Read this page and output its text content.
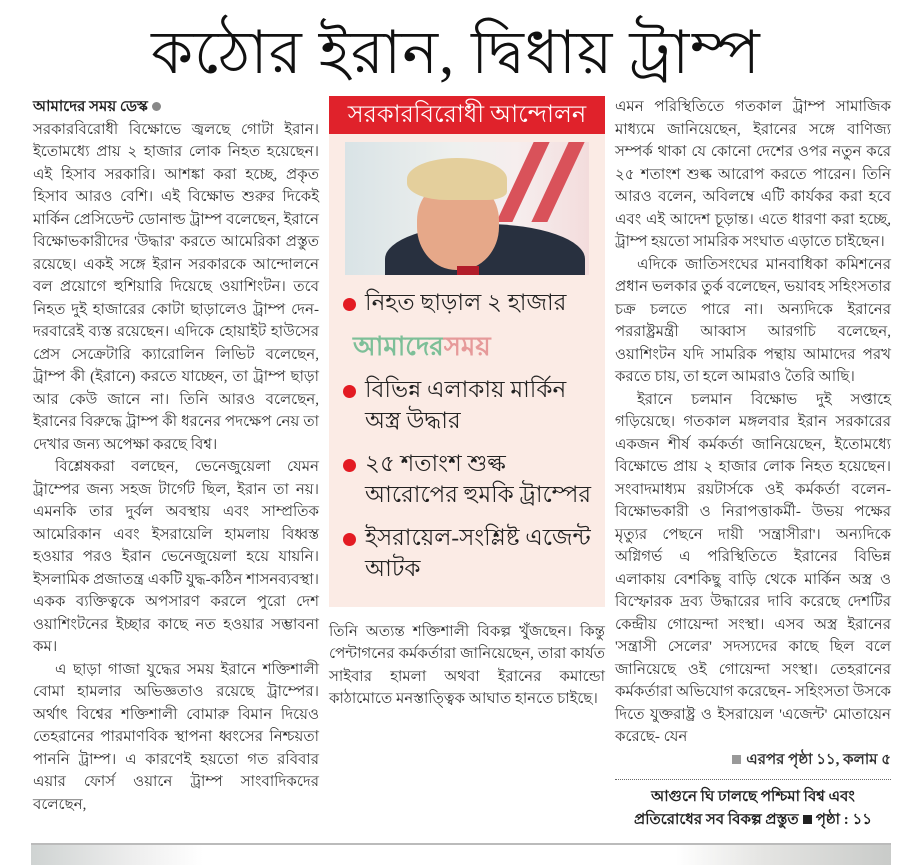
কঠোর ইরান, দ্বিধায় ট্রাম্প

আমাদের সময় ডেস্ক

সরকারবিরোধী বিক্ষোভে জ্বলছে গোটা ইরান। ইতোমধ্যে প্রায় ২ হাজার লোক নিহত হয়েছেন। এই হিসাব সরকারি। আশঙ্কা করা হচ্ছে, প্রকৃত হিসাব আরও বেশি। এই বিক্ষোভ শুরুর দিকেই মার্কিন প্রেসিডেন্ট ডোনাল্ড ট্রাম্প বলেছেন, ইরানে বিক্ষোভকারীদের 'উদ্ধার' করতে আমেরিকা প্রস্তুত রয়েছে। একই সঙ্গে ইরান সরকারকে আন্দোলনে বল প্রয়োগে হুশিয়ারি দিয়েছে ওয়াশিংটন। তবে নিহত দুই হাজারের কোটা ছাড়ালেও ট্রাম্প দেন-দরবারেই ব্যস্ত রয়েছেন। এদিকে হোয়াইট হাউসের প্রেস সেক্রেটারি ক্যারোলিন লিভিট বলেছেন, ট্রাম্প কী (ইরানে) করতে যাচ্ছেন, তা ট্রাম্প ছাড়া আর কেউ জানে না। তিনি আরও বলেছেন, ইরানের বিরুদ্ধে ট্রাম্প কী ধরনের পদক্ষেপ নেয় তা দেখার জন্য অপেক্ষা করছে বিশ্ব।

বিশ্লেষকরা বলছেন, ভেনেজুয়েলা যেমন ট্রাম্পের জন্য সহজ টার্গেট ছিল, ইরান তা নয়। এমনকি তার দুর্বল অবস্থায় এবং সাম্প্রতিক আমেরিকান এবং ইসরায়েলি হামলায় বিধ্বস্ত হওয়ার পরও ইরান ভেনেজুয়েলা হয়ে যায়নি। ইসলামিক প্রজাতন্ত্র একটি যুদ্ধ-কঠিন শাসনব্যবস্থা। একক ব্যক্তিত্বকে অপসারণ করলে পুরো দেশ ওয়াশিংটনের ইচ্ছার কাছে নত হওয়ার সম্ভাবনা কম।

এ ছাড়া গাজা যুদ্ধের সময় ইরানে শক্তিশালী বোমা হামলার অভিজ্ঞতাও রয়েছে ট্রাম্পের। অর্থাৎ বিশ্বের শক্তিশালী বোমারু বিমান দিয়েও তেহরানের পারমাণবিক স্থাপনা ধ্বংসের নিশ্চয়তা পাননি ট্রাম্প। এ কারণেই হয়তো গত রবিবার এয়ার ফোর্স ওয়ানে ট্রাম্প সাংবাদিকদের বলেছেন,

সরকারবিরোধী আন্দোলন
নিহত ছাড়াল ২ হাজার
আমাদেরসময়
বিভিন্ন এলাকায় মার্কিন অস্ত্র উদ্ধার
২৫ শতাংশ শুল্ক আরোপের হুমকি ট্রাম্পের
ইসরায়েল-সংশ্লিষ্ট এজেন্ট আটক

তিনি অত্যন্ত শক্তিশালী বিকল্প খুঁজছেন। কিন্তু পেন্টাগনের কর্মকর্তারা জানিয়েছেন, তারা কার্যত সাইবার হামলা অথবা ইরানের কমান্ডো কাঠামোতে মনস্তাত্ত্বিক আঘাত হানতে চাইছে।

এমন পরিস্থিতিতে গতকাল ট্রাম্প সামাজিক মাধ্যমে জানিয়েছেন, ইরানের সঙ্গে বাণিজ্য সম্পর্ক থাকা যে কোনো দেশের ওপর নতুন করে ২৫ শতাংশ শুল্ক আরোপ করতে পারেন। তিনি আরও বলেন, অবিলম্বে এটি কার্যকর করা হবে এবং এই আদেশ চূড়ান্ত। এতে ধারণা করা হচ্ছে, ট্রাম্প হয়তো সামরিক সংঘাত এড়াতে চাইছেন।

এদিকে জাতিসংঘের মানবাধিকা কমিশনের প্রধান ভলকার তুর্ক বলেছেন, ভয়াবহ সহিংসতার চক্র চলতে পারে না। অন্যদিকে ইরানের পররাষ্ট্রমন্ত্রী আব্বাস আরগচি বলেছেন, ওয়াশিংটন যদি সামরিক পন্থায় আমাদের পরখ করতে চায়, তা হলে আমরাও তৈরি আছি।

ইরানে চলমান বিক্ষোভ দুই সপ্তাহে গড়িয়েছে। গতকাল মঙ্গলবার ইরান সরকারের একজন শীর্ষ কর্মকর্তা জানিয়েছেন, ইতোমধ্যে বিক্ষোভে প্রায় ২ হাজার লোক নিহত হয়েছেন। সংবাদমাধ্যম রয়টার্সকে ওই কর্মকর্তা বলেন- বিক্ষোভকারী ও নিরাপত্তাকর্মী- উভয় পক্ষের মৃত্যুর পেছনে দায়ী 'সন্ত্রাসীরা'। অন্যদিকে অগ্নিগর্ভ এ পরিস্থিতিতে ইরানের বিভিন্ন এলাকায় বেশকিছু বাড়ি থেকে মার্কিন অস্ত্র ও বিস্ফোরক দ্রব্য উদ্ধারের দাবি করেছে দেশটির কেন্দ্রীয় গোয়েন্দা সংস্থা। এসব অস্ত্র ইরানের 'সন্ত্রাসী সেলের' সদস্যদের কাছে ছিল বলে জানিয়েছে ওই গোয়েন্দা সংস্থা। তেহরানের কর্মকর্তারা অভিযোগ করেছেন- সহিংসতা উসকে দিতে যুক্তরাষ্ট্র ও ইসরায়েল 'এজেন্ট' মোতায়েন করেছে- যেন

এরপর পৃষ্ঠা ১১, কলাম ৫

আগুনে ঘি ঢালছে পশ্চিমা বিশ্ব এবং
প্রতিরোধের সব বিকল্প প্রস্তুত পৃষ্ঠা : ১১
